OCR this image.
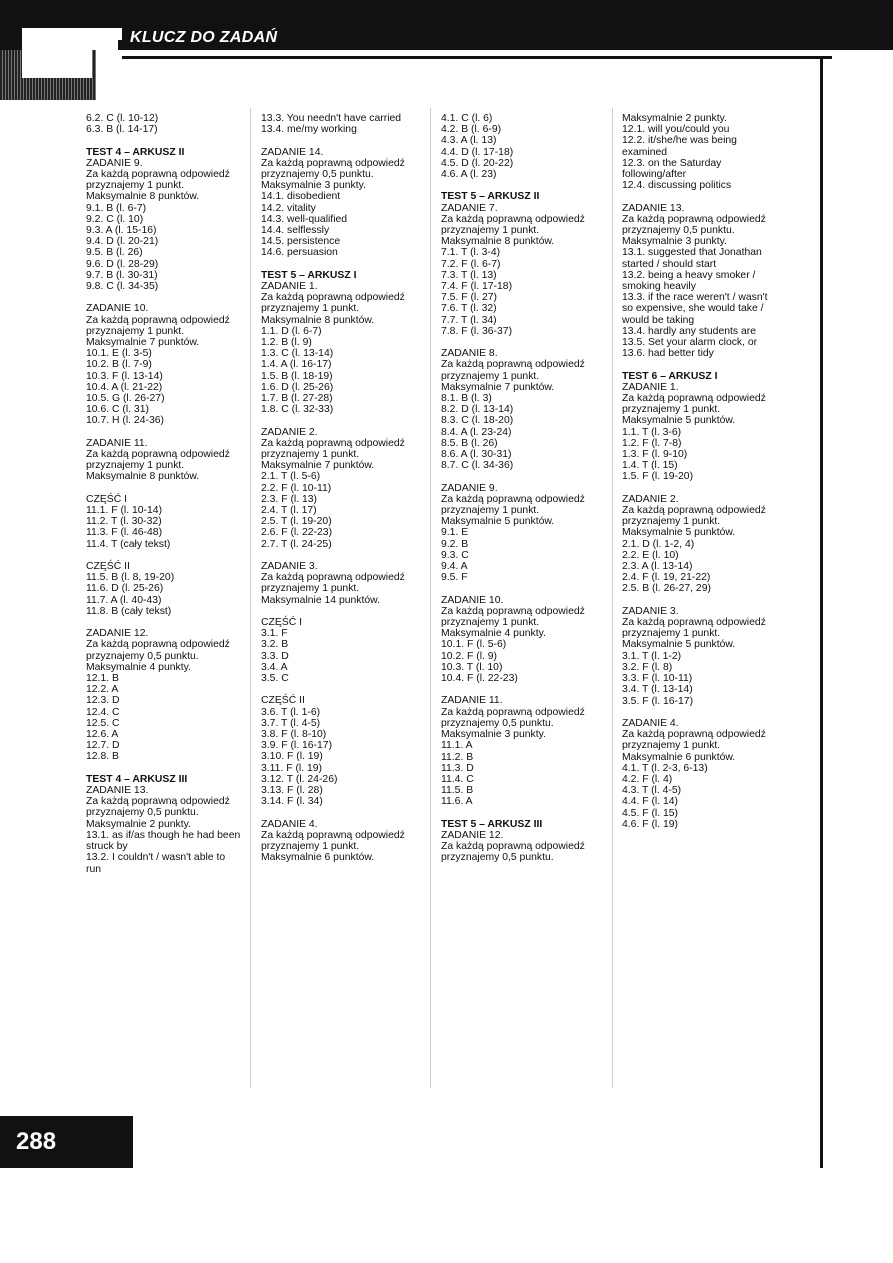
KLUCZ DO ZADAŃ
6.2. C (l. 10-12)
6.3. B (l. 14-17)
TEST 4 – ARKUSZ II
ZADANIE 9.
Za każdą poprawną odpowiedź
przyznajemy 1 punkt.
Maksymalnie 8 punktów.
9.1. B (l. 6-7)
9.2. C (l. 10)
9.3. A (l. 15-16)
9.4. D (l. 20-21)
9.5. B (l. 26)
9.6. D (l. 28-29)
9.7. B (l. 30-31)
9.8. C (l. 34-35)
ZADANIE 10.
Za każdą poprawną odpowiedź
przyznajemy 1 punkt.
Maksymalnie 7 punktów.
10.1. E (l. 3-5)
10.2. B (l. 7-9)
10.3. F (l. 13-14)
10.4. A (l. 21-22)
10.5. G (l. 26-27)
10.6. C (l. 31)
10.7. H (l. 24-36)
ZADANIE 11.
Za każdą poprawną odpowiedź
przyznajemy 1 punkt.
Maksymalnie 8 punktów.
CZĘŚĆ I
11.1. F (l. 10-14)
11.2. T (l. 30-32)
11.3. F (l. 46-48)
11.4. T (cały tekst)
CZĘŚĆ II
11.5. B (l. 8, 19-20)
11.6. D (l. 25-26)
11.7. A (l. 40-43)
11.8. B (cały tekst)
ZADANIE 12.
Za każdą poprawną odpowiedź
przyznajemy 0,5 punktu.
Maksymalnie 4 punkty.
12.1. B
12.2. A
12.3. D
12.4. C
12.5. C
12.6. A
12.7. D
12.8. B
TEST 4 – ARKUSZ III
ZADANIE 13.
Za każdą poprawną odpowiedź
przyznajemy 0,5 punktu.
Maksymalnie 2 punkty.
13.1. as if/as though he had been
struck by
13.2. I couldn't / wasn't able to
run
13.3. You needn't have carried
13.4. me/my working
ZADANIE 14.
Za każdą poprawną odpowiedź
przyznajemy 0,5 punktu.
Maksymalnie 3 punkty.
14.1. disobedient
14.2. vitality
14.3. well-qualified
14.4. selflessly
14.5. persistence
14.6. persuasion
TEST 5 – ARKUSZ I
ZADANIE 1.
Za każdą poprawną odpowiedź
przyznajemy 1 punkt.
Maksymalnie 8 punktów.
1.1. D (l. 6-7)
1.2. B (l. 9)
1.3. C (l. 13-14)
1.4. A (l. 16-17)
1.5. B (l. 18-19)
1.6. D (l. 25-26)
1.7. B (l. 27-28)
1.8. C (l. 32-33)
ZADANIE 2.
Za każdą poprawną odpowiedź
przyznajemy 1 punkt.
Maksymalnie 7 punktów.
2.1. T (l. 5-6)
2.2. F (l. 10-11)
2.3. F (l. 13)
2.4. T (l. 17)
2.5. T (l. 19-20)
2.6. F (l. 22-23)
2.7. T (l. 24-25)
ZADANIE 3.
Za każdą poprawną odpowiedź
przyznajemy 1 punkt.
Maksymalnie 14 punktów.
CZĘŚĆ I
3.1. F
3.2. B
3.3. D
3.4. A
3.5. C
CZĘŚĆ II
3.6. T (l. 1-6)
3.7. T (l. 4-5)
3.8. F (l. 8-10)
3.9. F (l. 16-17)
3.10. F (l. 19)
3.11. F (l. 19)
3.12. T (l. 24-26)
3.13. F (l. 28)
3.14. F (l. 34)
ZADANIE 4.
Za każdą poprawną odpowiedź
przyznajemy 1 punkt.
Maksymalnie 6 punktów.
4.1. C (l. 6)
4.2. B (l. 6-9)
4.3. A (l. 13)
4.4. D (l. 17-18)
4.5. D (l. 20-22)
4.6. A (l. 23)
TEST 5 – ARKUSZ II
ZADANIE 7.
Za każdą poprawną odpowiedź
przyznajemy 1 punkt.
Maksymalnie 8 punktów.
7.1. T (l. 3-4)
7.2. F (l. 6-7)
7.3. T (l. 13)
7.4. F (l. 17-18)
7.5. F (l. 27)
7.6. T (l. 32)
7.7. T (l. 34)
7.8. F (l. 36-37)
ZADANIE 8.
Za każdą poprawną odpowiedź
przyznajemy 1 punkt.
Maksymalnie 7 punktów.
8.1. B (l. 3)
8.2. D (l. 13-14)
8.3. C (l. 18-20)
8.4. A (l. 23-24)
8.5. B (l. 26)
8.6. A (l. 30-31)
8.7. C (l. 34-36)
ZADANIE 9.
Za każdą poprawną odpowiedź
przyznajemy 1 punkt.
Maksymalnie 5 punktów.
9.1. E
9.2. B
9.3. C
9.4. A
9.5. F
ZADANIE 10.
Za każdą poprawną odpowiedź
przyznajemy 1 punkt.
Maksymalnie 4 punkty.
10.1. F (l. 5-6)
10.2. F (l. 9)
10.3. T (l. 10)
10.4. F (l. 22-23)
ZADANIE 11.
Za każdą poprawną odpowiedź
przyznajemy 0,5 punktu.
Maksymalnie 3 punkty.
11.1. A
11.2. B
11.3. D
11.4. C
11.5. B
11.6. A
TEST 5 – ARKUSZ III
ZADANIE 12.
Za każdą poprawną odpowiedź
przyznajemy 0,5 punktu.
Maksymalnie 2 punkty.
12.1. will you/could you
12.2. it/she/he was being
examined
12.3. on the Saturday
following/after
12.4. discussing politics
ZADANIE 13.
Za każdą poprawną odpowiedź
przyznajemy 0,5 punktu.
Maksymalnie 3 punkty.
13.1. suggested that Jonathan
started / should start
13.2. being a heavy smoker /
smoking heavily
13.3. if the race weren't / wasn't
so expensive, she would take /
would be taking
13.4. hardly any students are
13.5. Set your alarm clock, or
13.6. had better tidy
TEST 6 – ARKUSZ I
ZADANIE 1.
Za każdą poprawną odpowiedź
przyznajemy 1 punkt.
Maksymalnie 5 punktów.
1.1. T (l. 3-6)
1.2. F (l. 7-8)
1.3. F (l. 9-10)
1.4. T (l. 15)
1.5. F (l. 19-20)
ZADANIE 2.
Za każdą poprawną odpowiedź
przyznajemy 1 punkt.
Maksymalnie 5 punktów.
2.1. D (l. 1-2, 4)
2.2. E (l. 10)
2.3. A (l. 13-14)
2.4. F (l. 19, 21-22)
2.5. B (l. 26-27, 29)
ZADANIE 3.
Za każdą poprawną odpowiedź
przyznajemy 1 punkt.
Maksymalnie 5 punktów.
3.1. T (l. 1-2)
3.2. F (l. 8)
3.3. F (l. 10-11)
3.4. T (l. 13-14)
3.5. F (l. 16-17)
ZADANIE 4.
Za każdą poprawną odpowiedź
przyznajemy 1 punkt.
Maksymalnie 6 punktów.
4.1. T (l. 2-3, 6-13)
4.2. F (l. 4)
4.3. T (l. 4-5)
4.4. F (l. 14)
4.5. F (l. 15)
4.6. F (l. 19)
288
